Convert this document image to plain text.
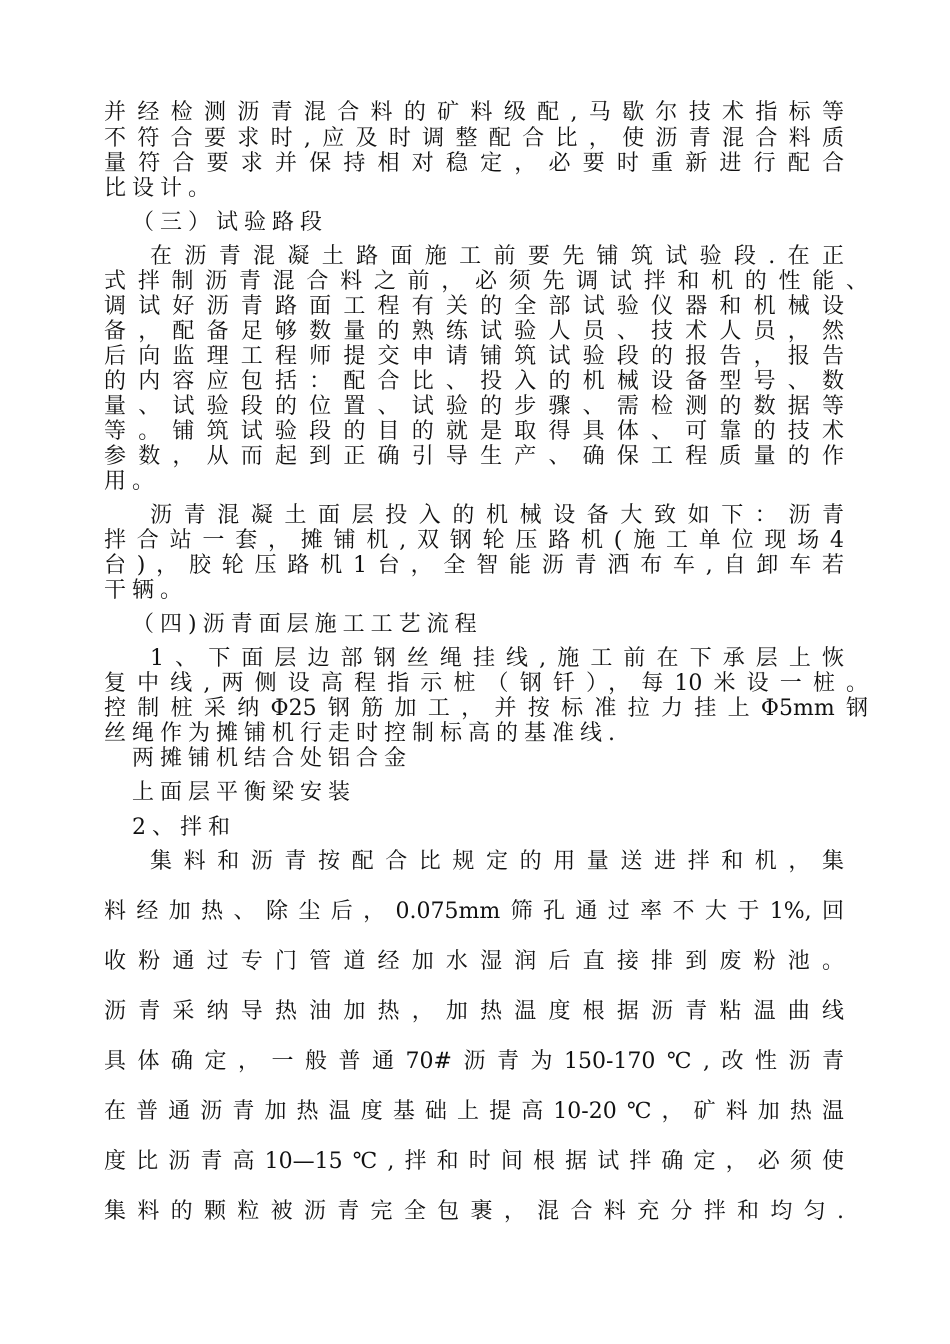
并经检测沥青混合料的矿料级配,马歇尔技术指标等
不符合要求时,应及时调整配合比，使沥青混合料质
量符合要求并保持相对稳定，必要时重新进行配合
比设计。
（三）试验路段
在沥青混凝土路面施工前要先铺筑试验段.在正
式拌制沥青混合料之前，必须先调试拌和机的性能、
调试好沥青路面工程有关的全部试验仪器和机械设
备，配备足够数量的熟练试验人员、技术人员，然
后向监理工程师提交申请铺筑试验段的报告，报告
的内容应包括：配合比、投入的机械设备型号、数
量、试验段的位置、试验的步骤、需检测的数据等
等。铺筑试验段的目的就是取得具体、可靠的技术
参数，从而起到正确引导生产、确保工程质量的作
用。
沥青混凝土面层投入的机械设备大致如下：沥青
拌合站一套，摊铺机,双钢轮压路机(施工单位现场4
台)，胶轮压路机1台，全智能沥青洒布车,自卸车若
干辆。
（四)沥青面层施工工艺流程
1、下面层边部钢丝绳挂线,施工前在下承层上恢
复中线,两侧设高程指示桩（钢钎），每10米设一桩。
控制桩采纳Φ25钢筋加工，并按标准拉力挂上Φ5mm钢
丝绳作为摊铺机行走时控制标高的基准线.
两摊铺机结合处铝合金
上面层平衡梁安装
2、拌和
集料和沥青按配合比规定的用量送进拌和机，集
料经加热、除尘后，0.075mm筛孔通过率不大于1%,回
收粉通过专门管道经加水湿润后直接排到废粉池。
沥青采纳导热油加热，加热温度根据沥青粘温曲线
具体确定，一般普通70#沥青为150-170℃,改性沥青
在普通沥青加热温度基础上提高10-20℃，矿料加热温
度比沥青高10—15℃,拌和时间根据试拌确定，必须使
集料的颗粒被沥青完全包裹，混合料充分拌和均匀.
